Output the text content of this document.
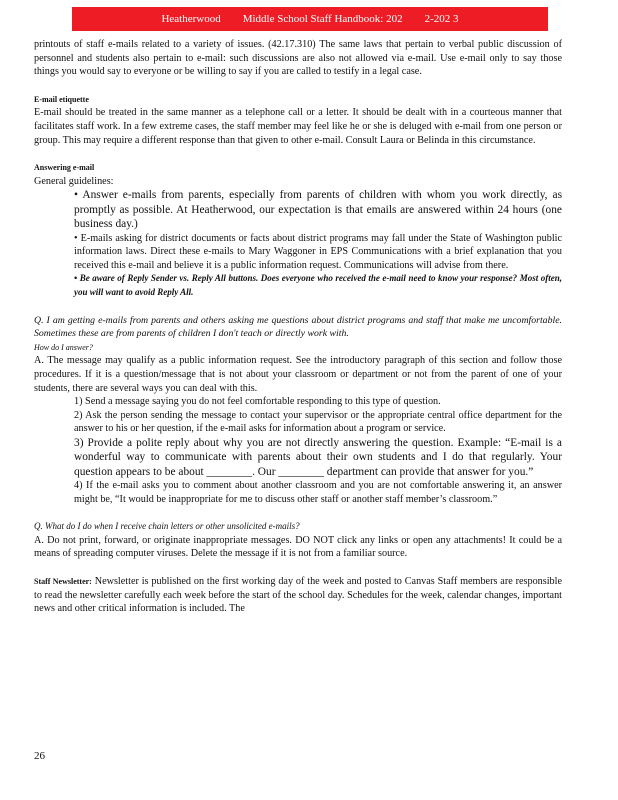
Heatherwood        Middle School Staff Handbook: 202        2-202 3

printouts of staff e-mails related to a variety of issues. (42.17.310) The same laws that pertain to verbal public discussion of personnel and students also pertain to e-mail: such discussions are also not allowed via e-mail. Use e-mail only to say those things you would say to everyone or be willing to say if you are called to testify in a legal case.

E-mail etiquette

E-mail should be treated in the same manner as a telephone call or a letter. It should be dealt with in a courteous manner that facilitates staff work. In a few extreme cases, the staff member may feel like he or she is deluged with e-mail from one person or group. This may require a different response than that given to other e-mail. Consult Laura or Belinda in this circumstance.

Answering e-mail

General guidelines:

• Answer e-mails from parents, especially from parents of children with whom you work directly, as promptly as possible. At Heatherwood, our expectation is that emails are answered within 24 hours (one business day.)

• E-mails asking for district documents or facts about district programs may fall under the State of Washington public information laws. Direct these e-mails to Mary Waggoner in EPS Communications with a brief explanation that you received this e-mail and believe it is a public information request. Communications will advise from there.

• Be aware of Reply Sender vs. Reply All buttons. Does everyone who received the e-mail need to know your response? Most often, you will want to avoid Reply All.

Q. I am getting e-mails from parents and others asking me questions about district programs and staff that make me uncomfortable. Sometimes these are from parents of children I don't teach or directly work with.

How do I answer?

A. The message may qualify as a public information request. See the introductory paragraph of this section and follow those procedures. If it is a question/message that is not about your classroom or department or not from the parent of one of your students, there are several ways you can deal with this.

1) Send a message saying you do not feel comfortable responding to this type of question.

2) Ask the person sending the message to contact your supervisor or the appropriate central office department for the answer to his or her question, if the e-mail asks for information about a program or service.

3) Provide a polite reply about why you are not directly answering the question. Example: “E-mail is a wonderful way to communicate with parents about their own students and I do that regularly. Your question appears to be about ________. Our ________ department can provide that answer for you.”

4) If the e-mail asks you to comment about another classroom and you are not comfortable answering it, an answer might be, “It would be inappropriate for me to discuss other staff or another staff member’s classroom.”

Q. What do I do when I receive chain letters or other unsolicited e-mails?

A. Do not print, forward, or originate inappropriate messages. DO NOT click any links or open any attachments! It could be a means of spreading computer viruses. Delete the message if it is not from a familiar source.

Staff Newsletter: Newsletter is published on the first working day of the week and posted to Canvas Staff members are responsible to read the newsletter carefully each week before the start of the school day. Schedules for the week, calendar changes, important news and other critical information is included. The

26
